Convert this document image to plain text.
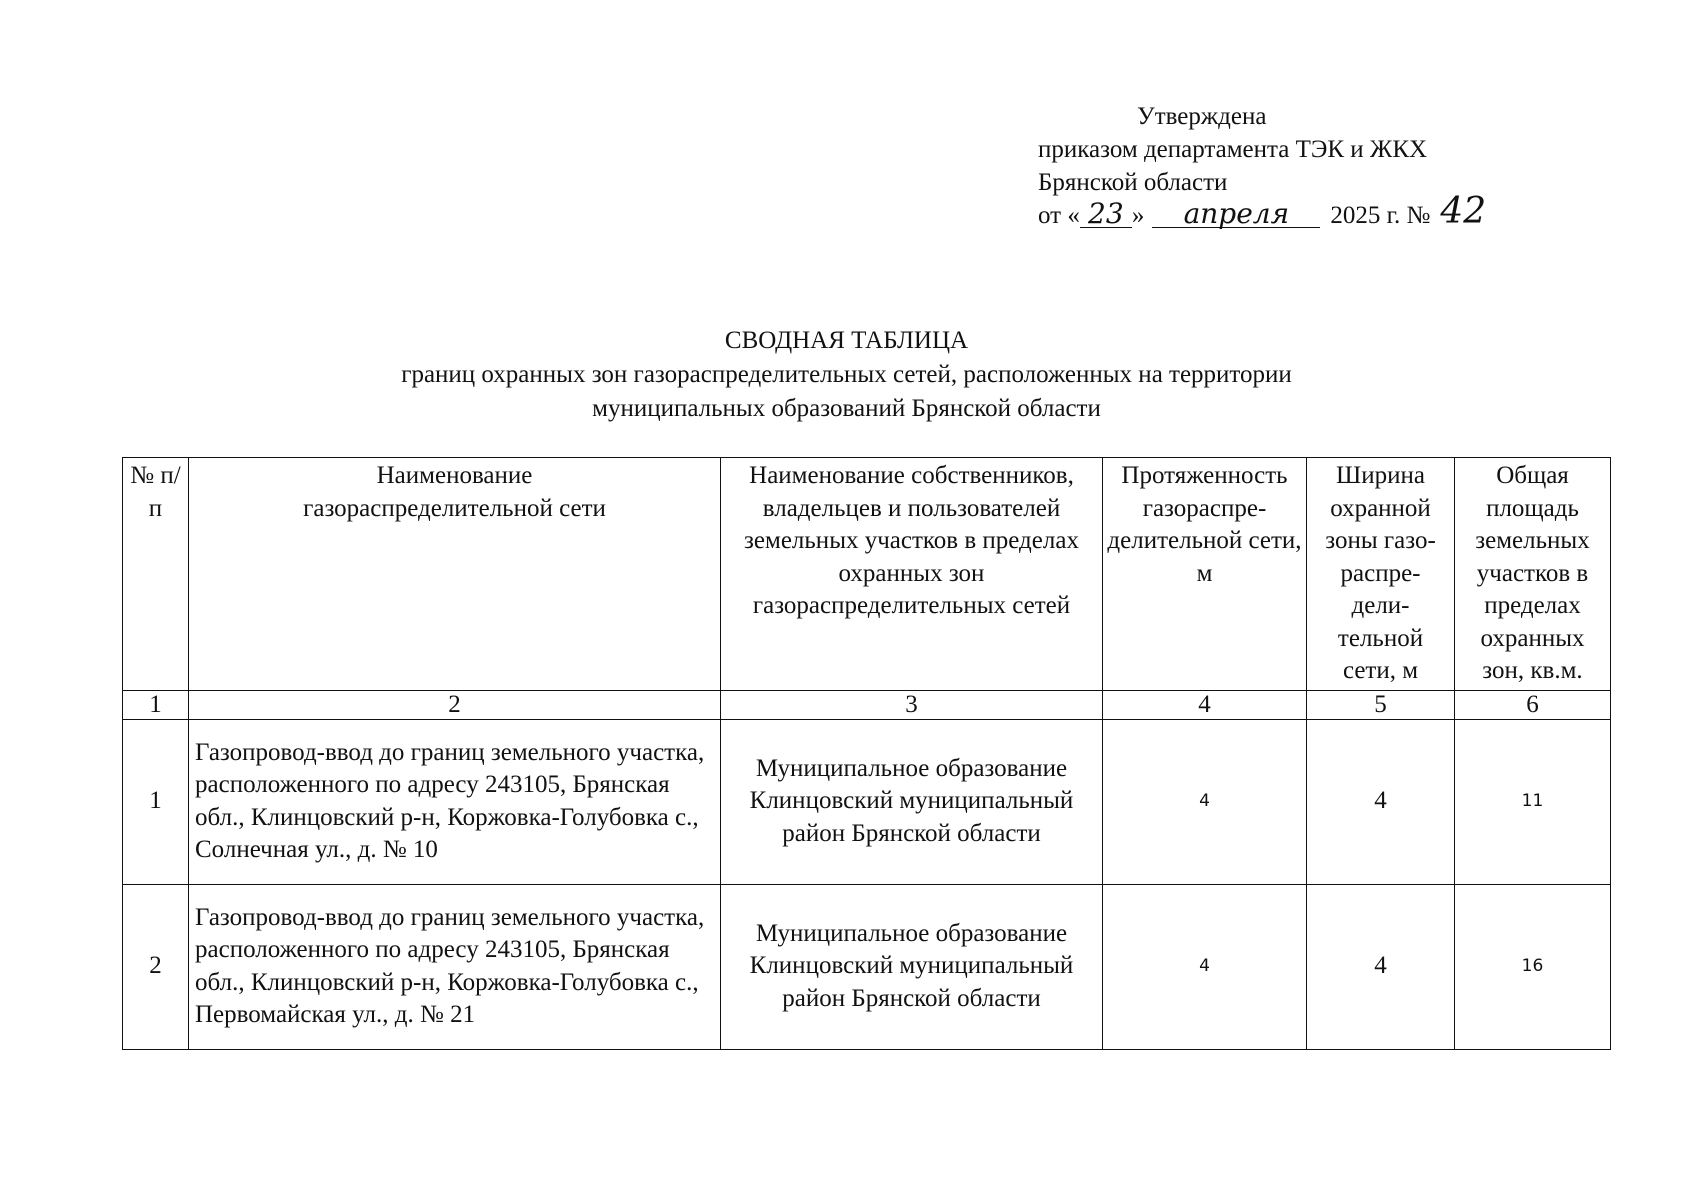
Утверждена
приказом департамента ТЭК и ЖКХ
Брянской области
от « 23 » апреля 2025 г. № 42
СВОДНАЯ ТАБЛИЦА
границ охранных зон газораспределительных сетей, расположенных на территории
муниципальных образований Брянской области
№ п/п	Наименование газораспределительной сети	Наименование собственников, владельцев и пользователей земельных участков в пределах охранных зон газораспределительных сетей	Протяженность газораспре-делительной сети, м	Ширина охранной зоны газо-распре-дели-тельной сети, м	Общая площадь земельных участков в пределах охранных зон, кв.м.
1	2	3	4	5	6
1	Газопровод-ввод до границ земельного участка, расположенного по адресу 243105, Брянская обл., Клинцовский р-н, Коржовка-Голубовка с., Солнечная ул., д. № 10	Муниципальное образование Клинцовский муниципальный район Брянской области	4	4	11
2	Газопровод-ввод до границ земельного участка, расположенного по адресу 243105, Брянская обл., Клинцовский р-н, Коржовка-Голубовка с., Первомайская ул., д. № 21	Муниципальное образование Клинцовский муниципальный район Брянской области	4	4	16
